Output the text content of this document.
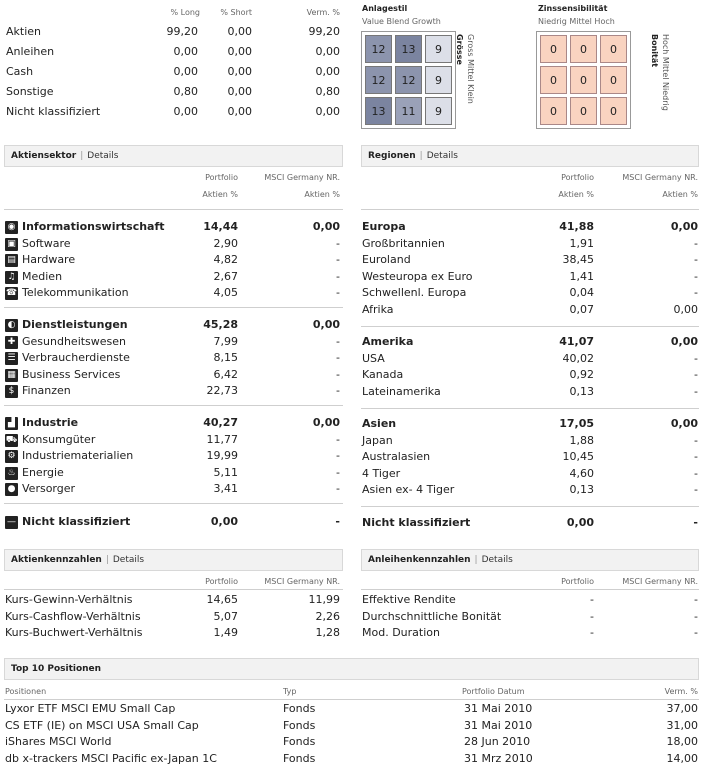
% Long	% Short	Verm. %
Aktien	99,20	0,00	99,20
Anleihen	0,00	0,00	0,00
Cash	0,00	0,00	0,00
Sonstige	0,80	0,00	0,80
Nicht klassifiziert	0,00	0,00	0,00
Anlagestil
Value Blend Growth
12	13	9
12	12	9
13	11	9
Grösse Gross Mittel Klein
Zinssensibilität
Niedrig Mittel Hoch
0	0	0
0	0	0
0	0	0
Bonität Hoch Mittel Niedrig
Aktiensektor | Details	Regionen | Details
Portfolio
Aktien %
MSCI Germany NR.
Aktien %
◉ Informationswirtschaft	14,44	0,00
▣ Software	2,90	-
▤ Hardware	4,82	-
♫ Medien	2,67	-
☎ Telekommunikation	4,05	-
◐ Dienstleistungen	45,28	0,00
✚ Gesundheitswesen	7,99	-
☰ Verbraucherdienste	8,15	-
▦ Business Services	6,42	-
$ Finanzen	22,73	-
▟ Industrie	40,27	0,00
⛟ Konsumgüter	11,77	-
⚙ Industriematerialien	19,99	-
♨ Energie	5,11	-
● Versorger	3,41	-
— Nicht klassifiziert	0,00	-
Portfolio
Aktien %
MSCI Germany NR.
Aktien %
Europa	41,88	0,00
Großbritannien	1,91	-
Euroland	38,45	-
Westeuropa ex Euro	1,41	-
Schwellenl. Europa	0,04	-
Afrika	0,07	0,00
Amerika	41,07	0,00
USA	40,02	-
Kanada	0,92	-
Lateinamerika	0,13	-
Asien	17,05	0,00
Japan	1,88	-
Australasien	10,45	-
4 Tiger	4,60	-
Asien ex- 4 Tiger	0,13	-
Nicht klassifiziert	0,00	-
Aktienkennzahlen | Details	Anleihenkennzahlen | Details
Portfolio	MSCI Germany NR.	Portfolio	MSCI Germany NR.
Kurs-Gewinn-Verhältnis	14,65	11,99
Kurs-Cashflow-Verhältnis	5,07	2,26
Kurs-Buchwert-Verhältnis	1,49	1,28
Effektive Rendite	-	-
Durchschnittliche Bonität	-	-
Mod. Duration	-	-
Top 10 Positionen
Positionen	Typ	Portfolio Datum	Verm. %
Lyxor ETF MSCI EMU Small Cap	Fonds	31 Mai 2010	37,00
CS ETF (IE) on MSCI USA Small Cap	Fonds	31 Mai 2010	31,00
iShares MSCI World	Fonds	28 Jun 2010	18,00
db x-trackers MSCI Pacific ex-Japan 1C	Fonds	31 Mrz 2010	14,00
